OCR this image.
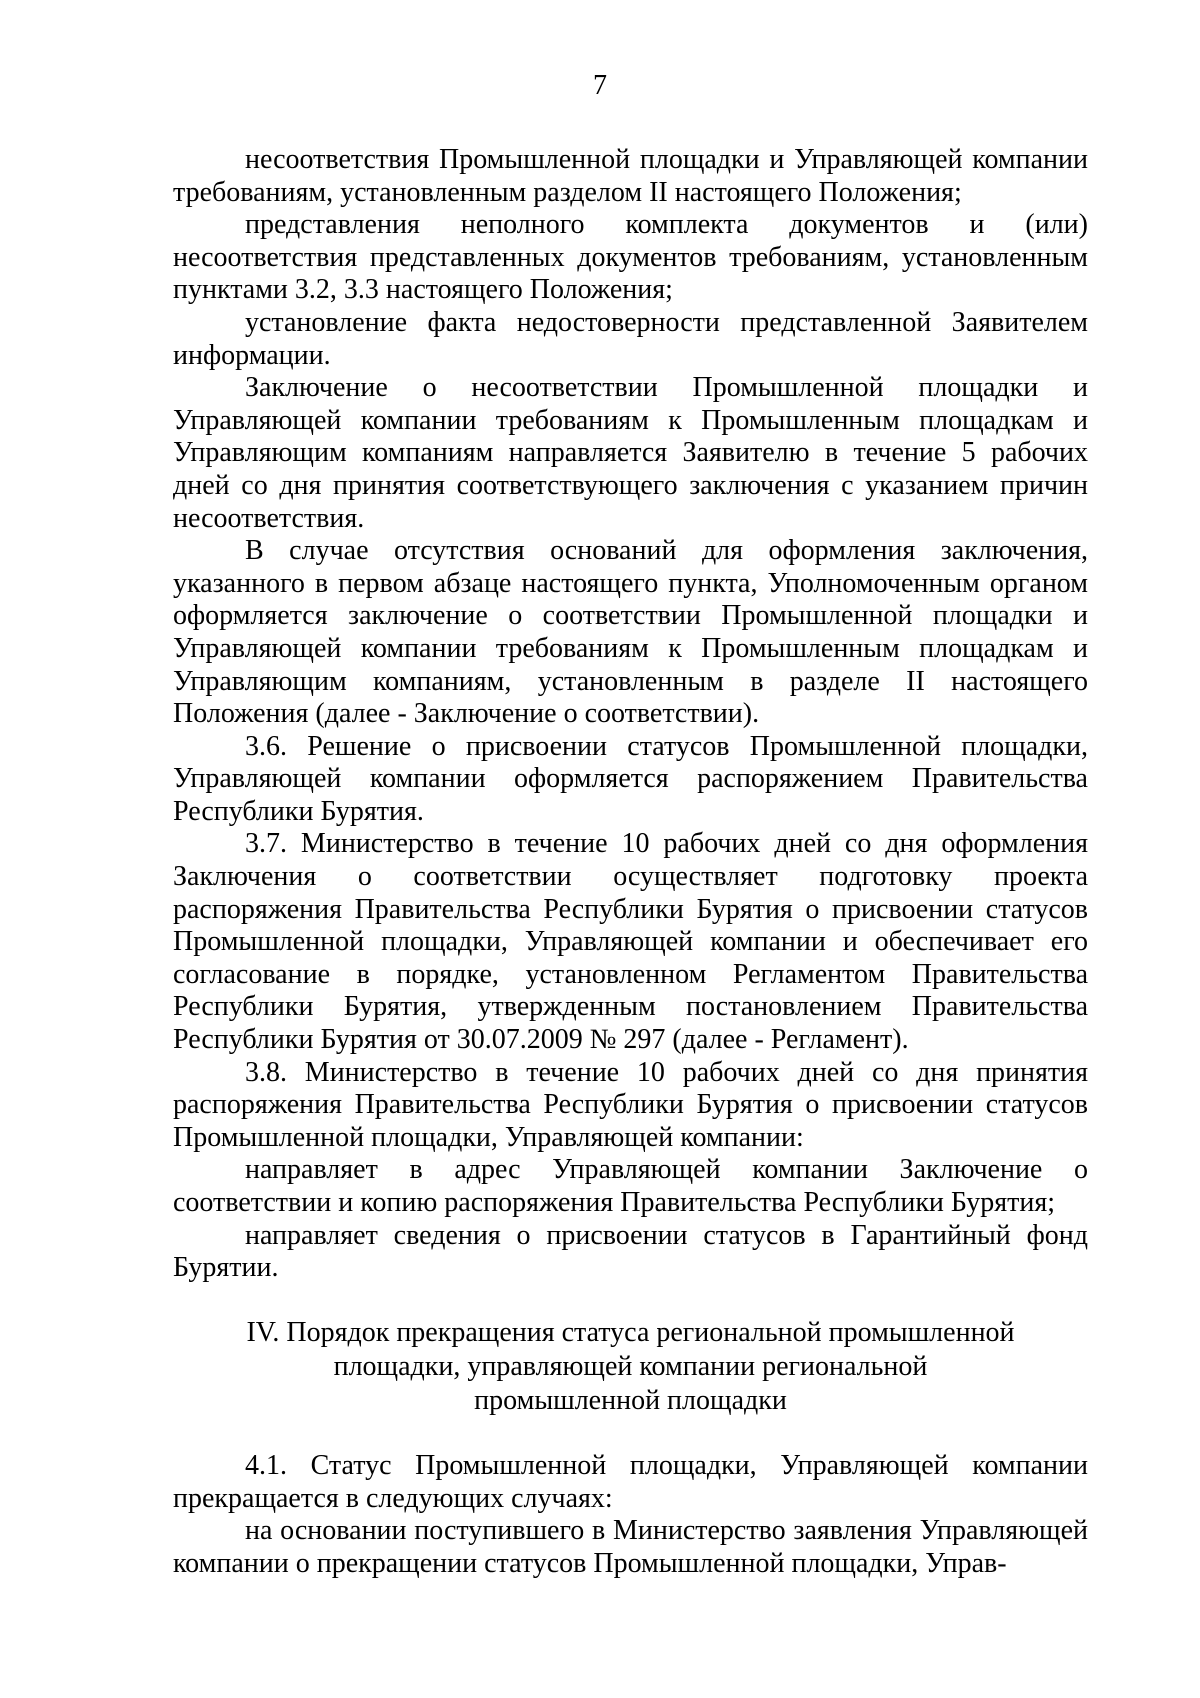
7

несоответствия Промышленной площадки и Управляющей компании требованиям, установленным разделом II настоящего Положения;

представления неполного комплекта документов и (или) несоответствия представленных документов требованиям, установленным пунктами 3.2, 3.3 настоящего Положения;

установление факта недостоверности представленной Заявителем информации.

Заключение о несоответствии Промышленной площадки и Управляющей компании требованиям к Промышленным площадкам и Управляющим компаниям направляется Заявителю в течение 5 рабочих дней со дня принятия соответствующего заключения с указанием причин несоответствия.

В случае отсутствия оснований для оформления заключения, указанного в первом абзаце настоящего пункта, Уполномоченным органом оформляется заключение о соответствии Промышленной площадки и Управляющей компании требованиям к Промышленным площадкам и Управляющим компаниям, установленным в разделе II настоящего Положения (далее - Заключение о соответствии).

3.6. Решение о присвоении статусов Промышленной площадки, Управляющей компании оформляется распоряжением Правительства Республики Бурятия.

3.7. Министерство в течение 10 рабочих дней со дня оформления Заключения о соответствии осуществляет подготовку проекта распоряжения Правительства Республики Бурятия о присвоении статусов Промышленной площадки, Управляющей компании и обеспечивает его согласование в порядке, установленном Регламентом Правительства Республики Бурятия, утвержденным постановлением Правительства Республики Бурятия от 30.07.2009 № 297 (далее - Регламент).

3.8. Министерство в течение 10 рабочих дней со дня принятия распоряжения Правительства Республики Бурятия о присвоении статусов Промышленной площадки, Управляющей компании:

направляет в адрес Управляющей компании Заключение о соответствии и копию распоряжения Правительства Республики Бурятия;

направляет сведения о присвоении статусов в Гарантийный фонд Бурятии.

IV. Порядок прекращения статуса региональной промышленной
площадки, управляющей компании региональной
промышленной площадки

4.1. Статус Промышленной площадки, Управляющей компании прекращается в следующих случаях:

на основании поступившего в Министерство заявления Управляющей компании о прекращении статусов Промышленной площадки, Управ-
